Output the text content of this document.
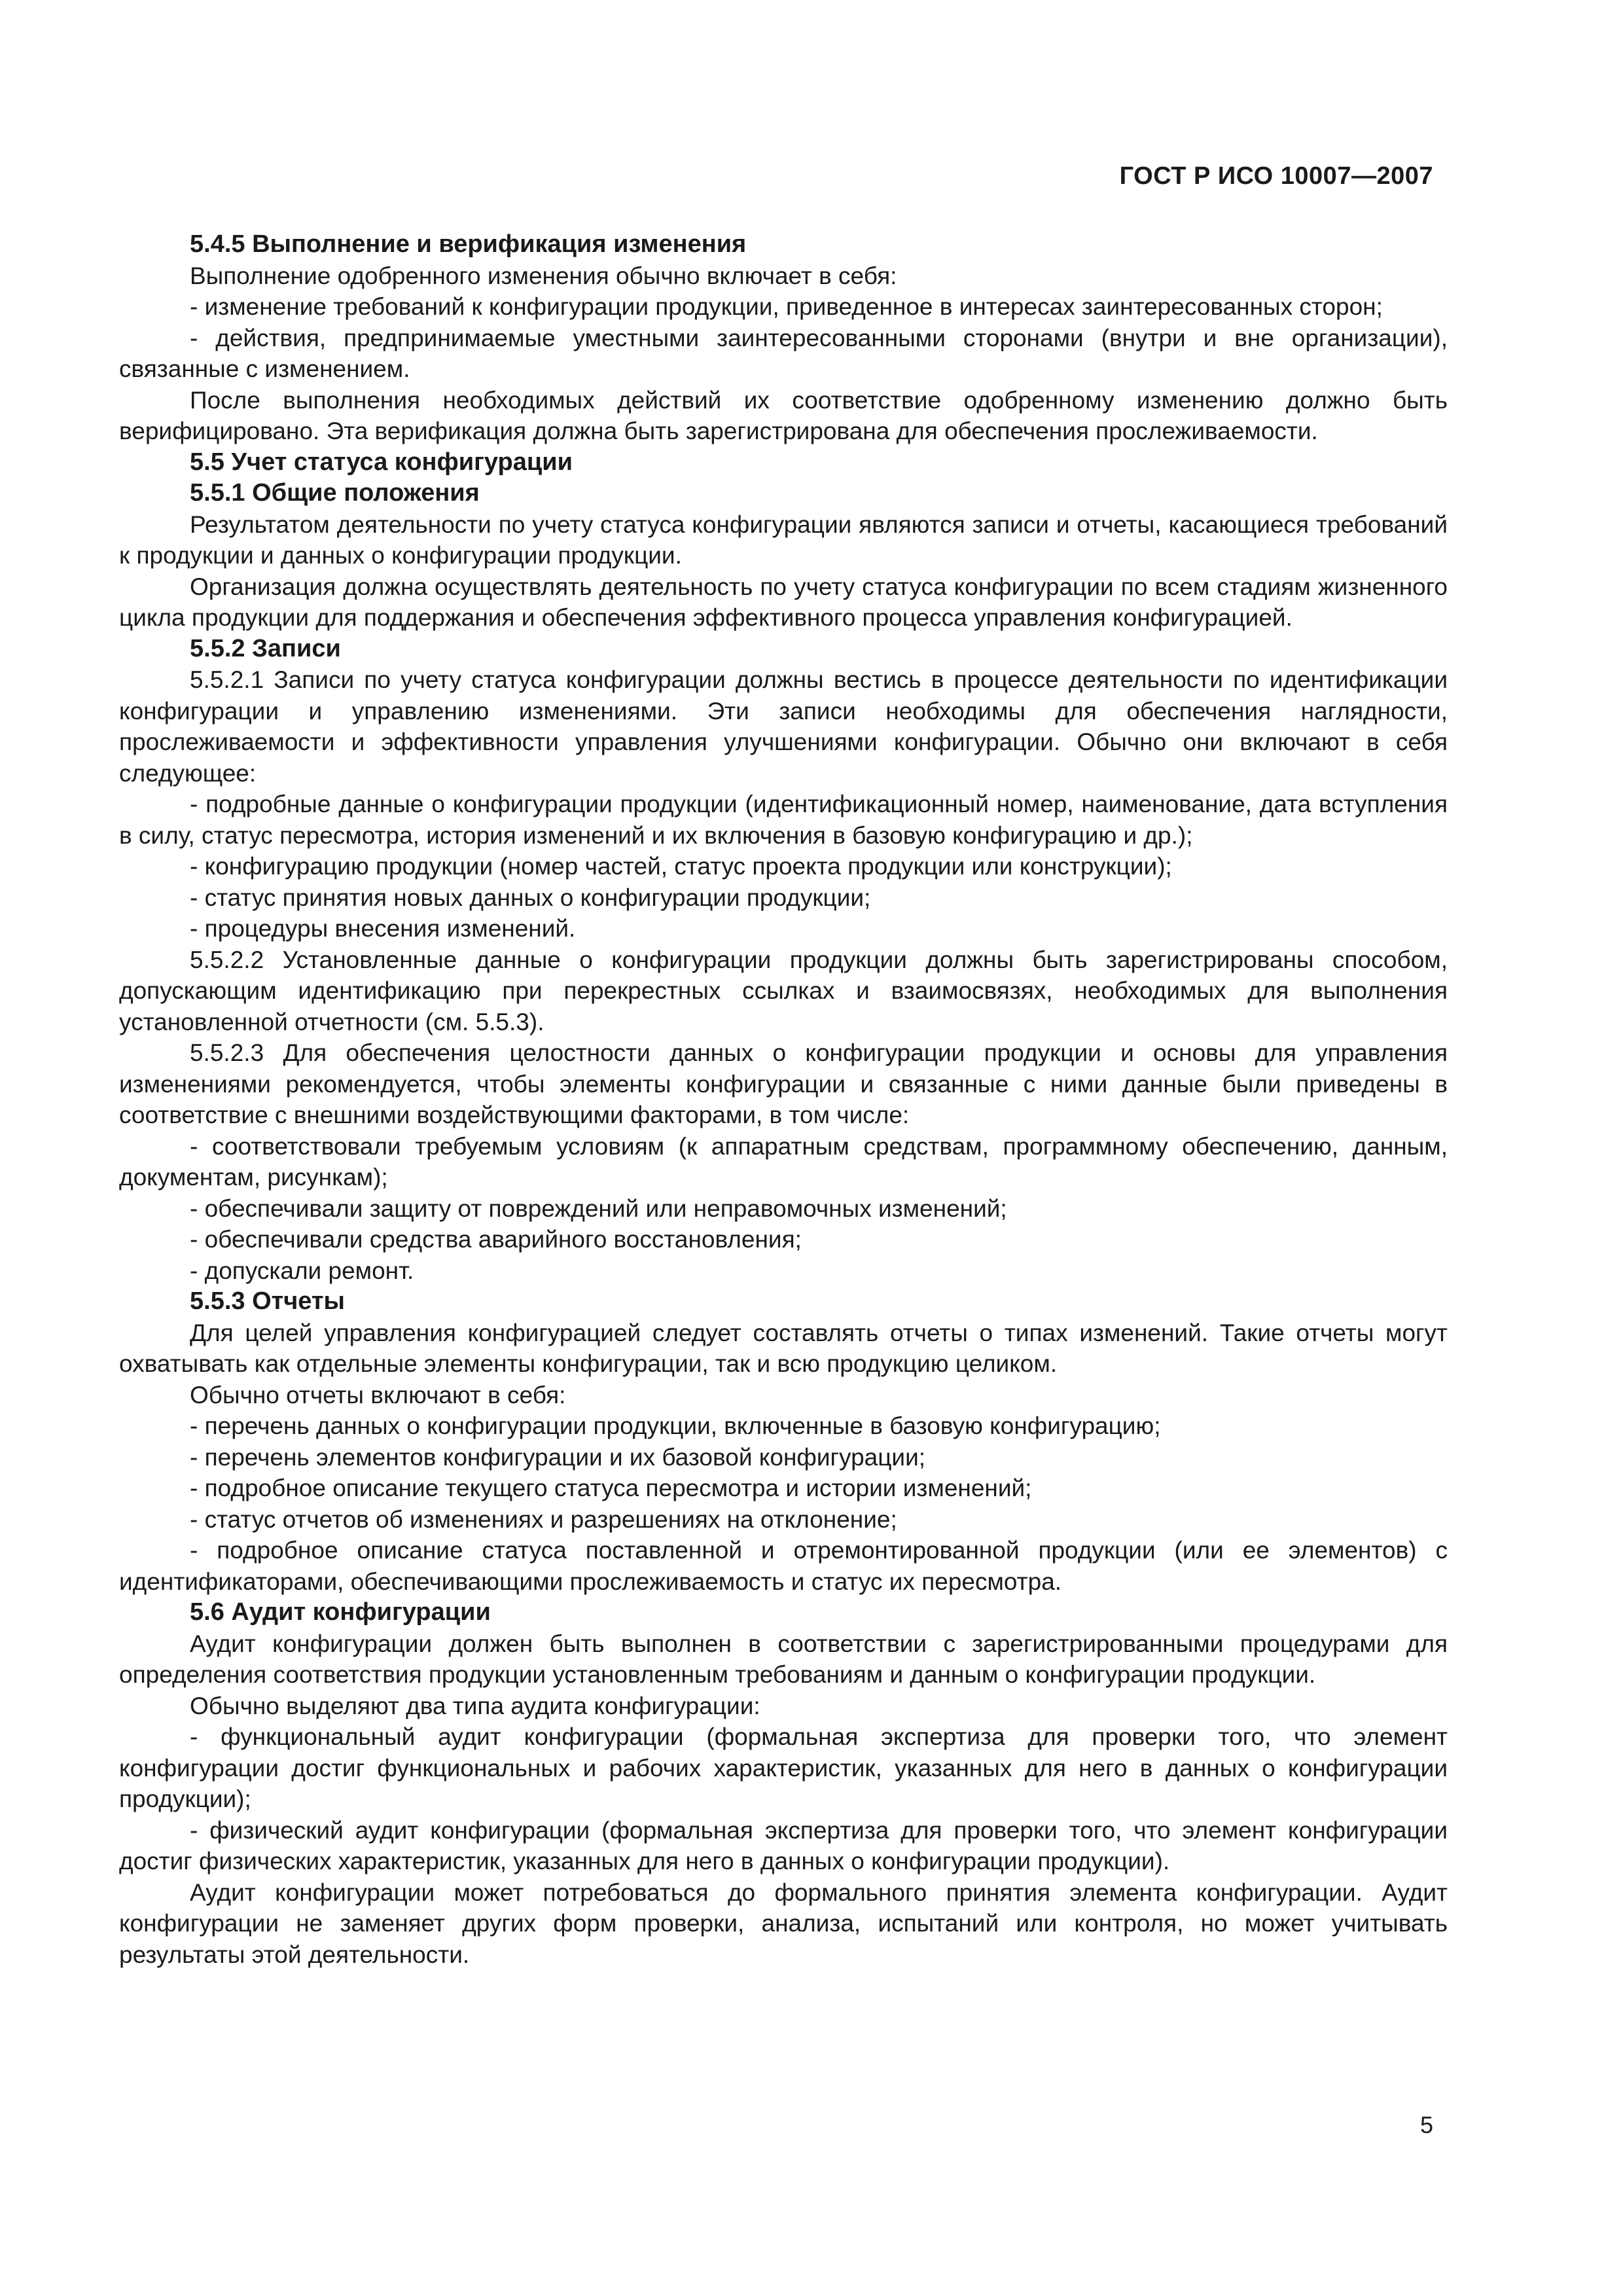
ГОСТ Р ИСО 10007—2007
5.4.5 Выполнение и верификация изменения

Выполнение одобренного изменения обычно включает в себя:

- изменение требований к конфигурации продукции, приведенное в интересах заинтересованных сторон;

- действия, предпринимаемые уместными заинтересованными сторонами (внутри и вне организации), связанные с изменением.

После выполнения необходимых действий их соответствие одобренному изменению должно быть верифицировано. Эта верификация должна быть зарегистрирована для обеспечения прослеживаемости.

5.5 Учет статуса конфигурации
5.5.1 Общие положения

Результатом деятельности по учету статуса конфигурации являются записи и отчеты, касающиеся требований к продукции и данных о конфигурации продукции.

Организация должна осуществлять деятельность по учету статуса конфигурации по всем стадиям жизненного цикла продукции для поддержания и обеспечения эффективного процесса управления конфигурацией.

5.5.2 Записи

5.5.2.1 Записи по учету статуса конфигурации должны вестись в процессе деятельности по идентификации конфигурации и управлению изменениями. Эти записи необходимы для обеспечения наглядности, прослеживаемости и эффективности управления улучшениями конфигурации. Обычно они включают в себя следующее:

- подробные данные о конфигурации продукции (идентификационный номер, наименование, дата вступления в силу, статус пересмотра, история изменений и их включения в базовую конфигурацию и др.);

- конфигурацию продукции (номер частей, статус проекта продукции или конструкции);

- статус принятия новых данных о конфигурации продукции;

- процедуры внесения изменений.

5.5.2.2 Установленные данные о конфигурации продукции должны быть зарегистрированы способом, допускающим идентификацию при перекрестных ссылках и взаимосвязях, необходимых для выполнения установленной отчетности (см. 5.5.3).

5.5.2.3 Для обеспечения целостности данных о конфигурации продукции и основы для управления изменениями рекомендуется, чтобы элементы конфигурации и связанные с ними данные были приведены в соответствие с внешними воздействующими факторами, в том числе:

- соответствовали требуемым условиям (к аппаратным средствам, программному обеспечению, данным, документам, рисункам);

- обеспечивали защиту от повреждений или неправомочных изменений;

- обеспечивали средства аварийного восстановления;

- допускали ремонт.

5.5.3 Отчеты

Для целей управления конфигурацией следует составлять отчеты о типах изменений. Такие отчеты могут охватывать как отдельные элементы конфигурации, так и всю продукцию целиком.

Обычно отчеты включают в себя:

- перечень данных о конфигурации продукции, включенные в базовую конфигурацию;

- перечень элементов конфигурации и их базовой конфигурации;

- подробное описание текущего статуса пересмотра и истории изменений;

- статус отчетов об изменениях и разрешениях на отклонение;

- подробное описание статуса поставленной и отремонтированной продукции (или ее элементов) с идентификаторами, обеспечивающими прослеживаемость и статус их пересмотра.

5.6 Аудит конфигурации

Аудит конфигурации должен быть выполнен в соответствии с зарегистрированными процедурами для определения соответствия продукции установленным требованиям и данным о конфигурации продукции.

Обычно выделяют два типа аудита конфигурации:

- функциональный аудит конфигурации (формальная экспертиза для проверки того, что элемент конфигурации достиг функциональных и рабочих характеристик, указанных для него в данных о конфигурации продукции);

- физический аудит конфигурации (формальная экспертиза для проверки того, что элемент конфигурации достиг физических характеристик, указанных для него в данных о конфигурации продукции).

Аудит конфигурации может потребоваться до формального принятия элемента конфигурации. Аудит конфигурации не заменяет других форм проверки, анализа, испытаний или контроля, но может учитывать результаты этой деятельности.

5
